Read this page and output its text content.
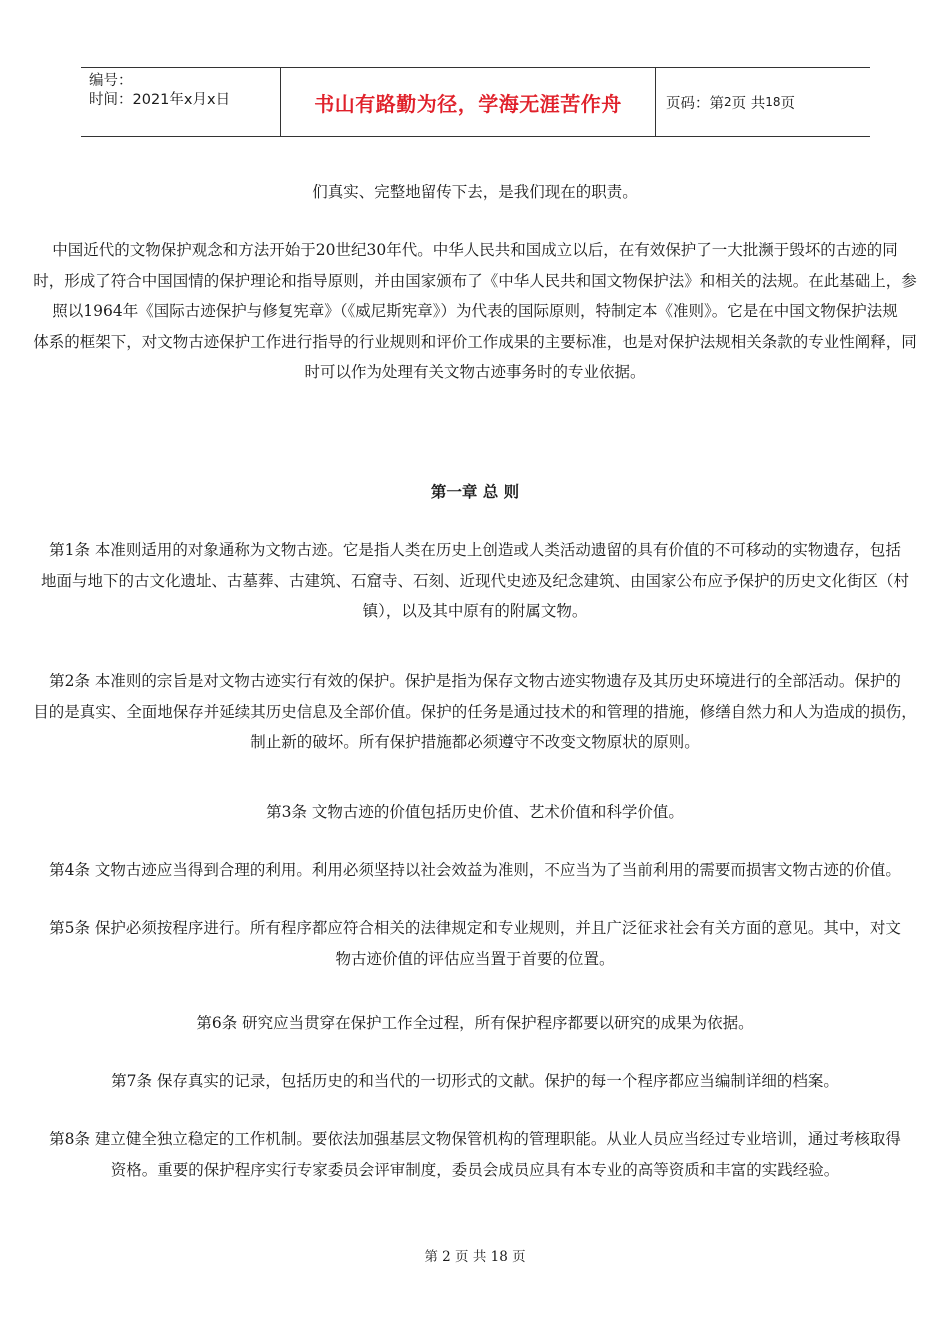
编号：
时间：2021年x月x日	书山有路勤为径，学海无涯苦作舟	页码：第 2 页 共 18 页
们真实、完整地留传下去，是我们现在的职责。
中国近代的文物保护观念和方法开始于20世纪30年代。中华人民共和国成立以后，在有效保护了一大批濒于毁坏的古迹的同
时，形成了符合中国国情的保护理论和指导原则，并由国家颁布了《中华人民共和国文物保护法》和相关的法规。在此基础上，参
照以1964年《国际古迹保护与修复宪章》（《威尼斯宪章》）为代表的国际原则，特制定本《准则》。它是在中国文物保护法规
体系的框架下，对文物古迹保护工作进行指导的行业规则和评价工作成果的主要标准，也是对保护法规相关条款的专业性阐释，同
时可以作为处理有关文物古迹事务时的专业依据。
第一章 总 则
第1条 本准则适用的对象通称为文物古迹。它是指人类在历史上创造或人类活动遗留的具有价值的不可移动的实物遗存，包括
地面与地下的古文化遗址、古墓葬、古建筑、石窟寺、石刻、近现代史迹及纪念建筑、由国家公布应予保护的历史文化街区（村
镇），以及其中原有的附属文物。
第2条 本准则的宗旨是对文物古迹实行有效的保护。保护是指为保存文物古迹实物遗存及其历史环境进行的全部活动。保护的
目的是真实、全面地保存并延续其历史信息及全部价值。保护的任务是通过技术的和管理的措施，修缮自然力和人为造成的损伤，
制止新的破坏。所有保护措施都必须遵守不改变文物原状的原则。
第3条 文物古迹的价值包括历史价值、艺术价值和科学价值。
第4条 文物古迹应当得到合理的利用。利用必须坚持以社会效益为准则，不应当为了当前利用的需要而损害文物古迹的价值。
第5条 保护必须按程序进行。所有程序都应符合相关的法律规定和专业规则，并且广泛征求社会有关方面的意见。其中，对文
物古迹价值的评估应当置于首要的位置。
第6条 研究应当贯穿在保护工作全过程，所有保护程序都要以研究的成果为依据。
第7条 保存真实的记录，包括历史的和当代的一切形式的文献。保护的每一个程序都应当编制详细的档案。
第8条 建立健全独立稳定的工作机制。要依法加强基层文物保管机构的管理职能。从业人员应当经过专业培训，通过考核取得
资格。重要的保护程序实行专家委员会评审制度，委员会成员应具有本专业的高等资质和丰富的实践经验。
第 2 页 共 18 页
